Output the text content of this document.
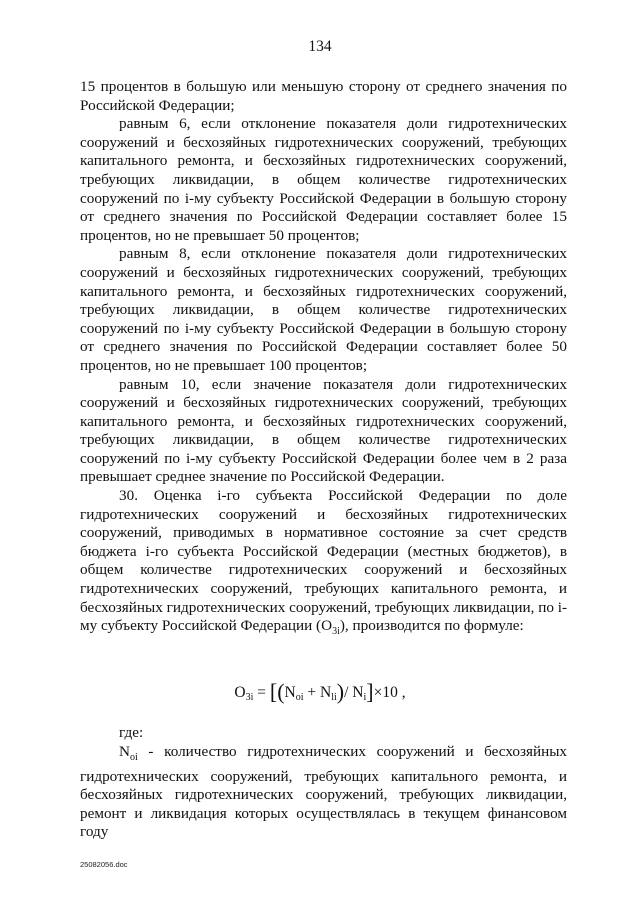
134

15 процентов в большую или меньшую сторону от среднего значения по Российской Федерации;

равным 6, если отклонение показателя доли гидротехнических сооружений и бесхозяйных гидротехнических сооружений, требующих капитального ремонта, и бесхозяйных гидротехнических сооружений, требующих ликвидации, в общем количестве гидротехнических сооружений по i-му субъекту Российской Федерации в большую сторону от среднего значения по Российской Федерации составляет более 15 процентов, но не превышает 50 процентов;

равным 8, если отклонение показателя доли гидротехнических сооружений и бесхозяйных гидротехнических сооружений, требующих капитального ремонта, и бесхозяйных гидротехнических сооружений, требующих ликвидации, в общем количестве гидротехнических сооружений по i-му субъекту Российской Федерации в большую сторону от среднего значения по Российской Федерации составляет более 50 процентов, но не превышает 100 процентов;

равным 10, если значение показателя доли гидротехнических сооружений и бесхозяйных гидротехнических сооружений, требующих капитального ремонта, и бесхозяйных гидротехнических сооружений, требующих ликвидации, в общем количестве гидротехнических сооружений по i-му субъекту Российской Федерации более чем в 2 раза превышает среднее значение по Российской Федерации.

30. Оценка i-го субъекта Российской Федерации по доле гидротехнических сооружений и бесхозяйных гидротехнических сооружений, приводимых в нормативное состояние за счет средств бюджета i-го субъекта Российской Федерации (местных бюджетов), в общем количестве гидротехнических сооружений и бесхозяйных гидротехнических сооружений, требующих капитального ремонта, и бесхозяйных гидротехнических сооружений, требующих ликвидации, по i-му субъекту Российской Федерации $(O_{3i})$, производится по формуле:

$O_{3i} = [(N_{oi} + N_{li})/$ $N_i]\times 10$ ,
где:

$N_{oi}$ - количество гидротехнических сооружений и бесхозяйных гидротехнических сооружений, требующих капитального ремонта, и бесхозяйных гидротехнических сооружений, требующих ликвидации, ремонт и ликвидация которых осуществлялась в текущем финансовом году

25082056.doc
